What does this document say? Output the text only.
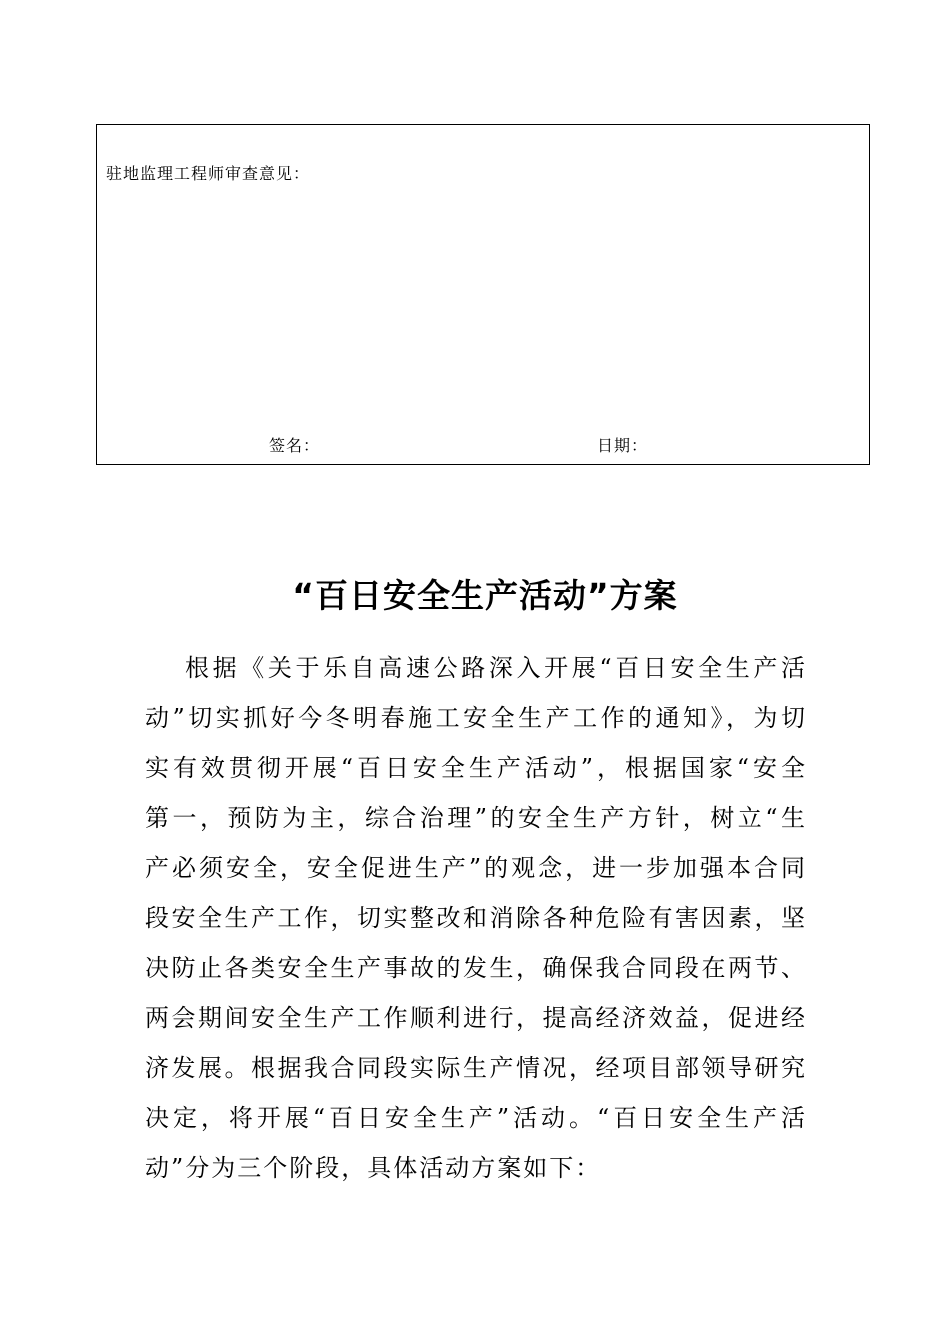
驻地监理工程师审查意见：
签名：	日期：
“百日安全生产活动”方案
根据《关于乐自高速公路深入开展“百日安全生产活
动”切实抓好今冬明春施工安全生产工作的通知》，为切
实有效贯彻开展“百日安全生产活动”，根据国家“安全
第一，预防为主，综合治理”的安全生产方针，树立“生
产必须安全，安全促进生产”的观念，进一步加强本合同
段安全生产工作，切实整改和消除各种危险有害因素，坚
决防止各类安全生产事故的发生，确保我合同段在两节、
两会期间安全生产工作顺利进行，提高经济效益，促进经
济发展。根据我合同段实际生产情况，经项目部领导研究
决定，将开展“百日安全生产”活动。“百日安全生产活
动”分为三个阶段，具体活动方案如下：
